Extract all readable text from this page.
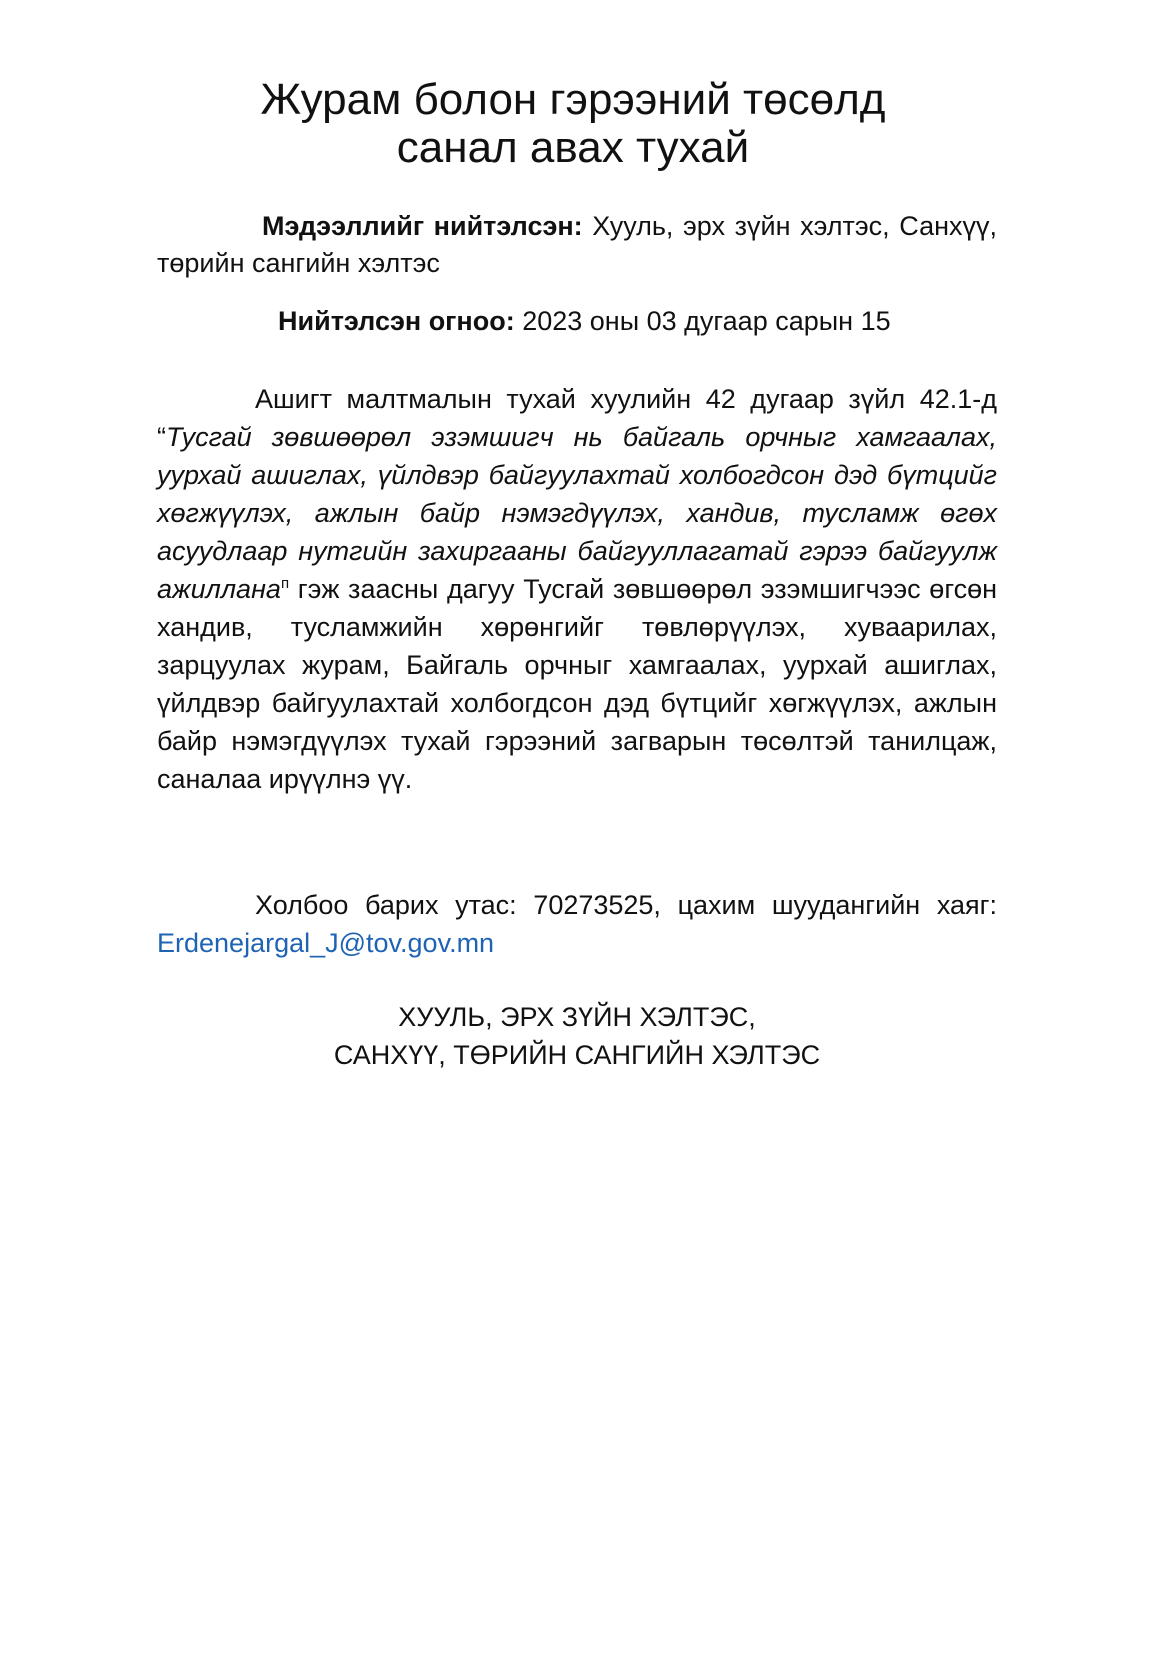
Журам болон гэрээний төсөлд
санал авах тухай
Мэдээллийг нийтэлсэн: Хууль, эрх зүйн хэлтэс, Санхүү, төрийн сангийн хэлтэс
Нийтэлсэн огноо: 2023 оны 03 дугаар сарын 15

Ашигт малтмалын тухай хуулийн 42 дугаар зүйл 42.1-д “Тусгай зөвшөөрөл эзэмшигч нь байгаль орчныг хамгаалах, уурхай ашиглах, үйлдвэр байгуулахтай холбогдсон дэд бүтцийг хөгжүүлэх, ажлын байр нэмэгдүүлэх, хандив, тусламж өгөх асуудлаар нутгийн захиргааны байгууллагатай гэрээ байгуулж ажиллана$^п$ гэж заасны дагуу Тусгай зөвшөөрөл эзэмшигчээс өгсөн хандив, тусламжийн хөрөнгийг төвлөрүүлэх, хуваарилах, зарцуулах журам, Байгаль орчныг хамгаалах, уурхай ашиглах, үйлдвэр байгуулахтай холбогдсон дэд бүтцийг хөгжүүлэх, ажлын байр нэмэгдүүлэх тухай гэрээний загварын төсөлтэй танилцаж, саналаа ирүүлнэ үү.

Холбоо барих утас: 70273525, цахим шуудангийн хаяг: Erdenejargal_J@tov.gov.mn

ХУУЛЬ, ЭРХ ЗҮЙН ХЭЛТЭС,
САНХҮҮ, ТӨРИЙН САНГИЙН ХЭЛТЭС
